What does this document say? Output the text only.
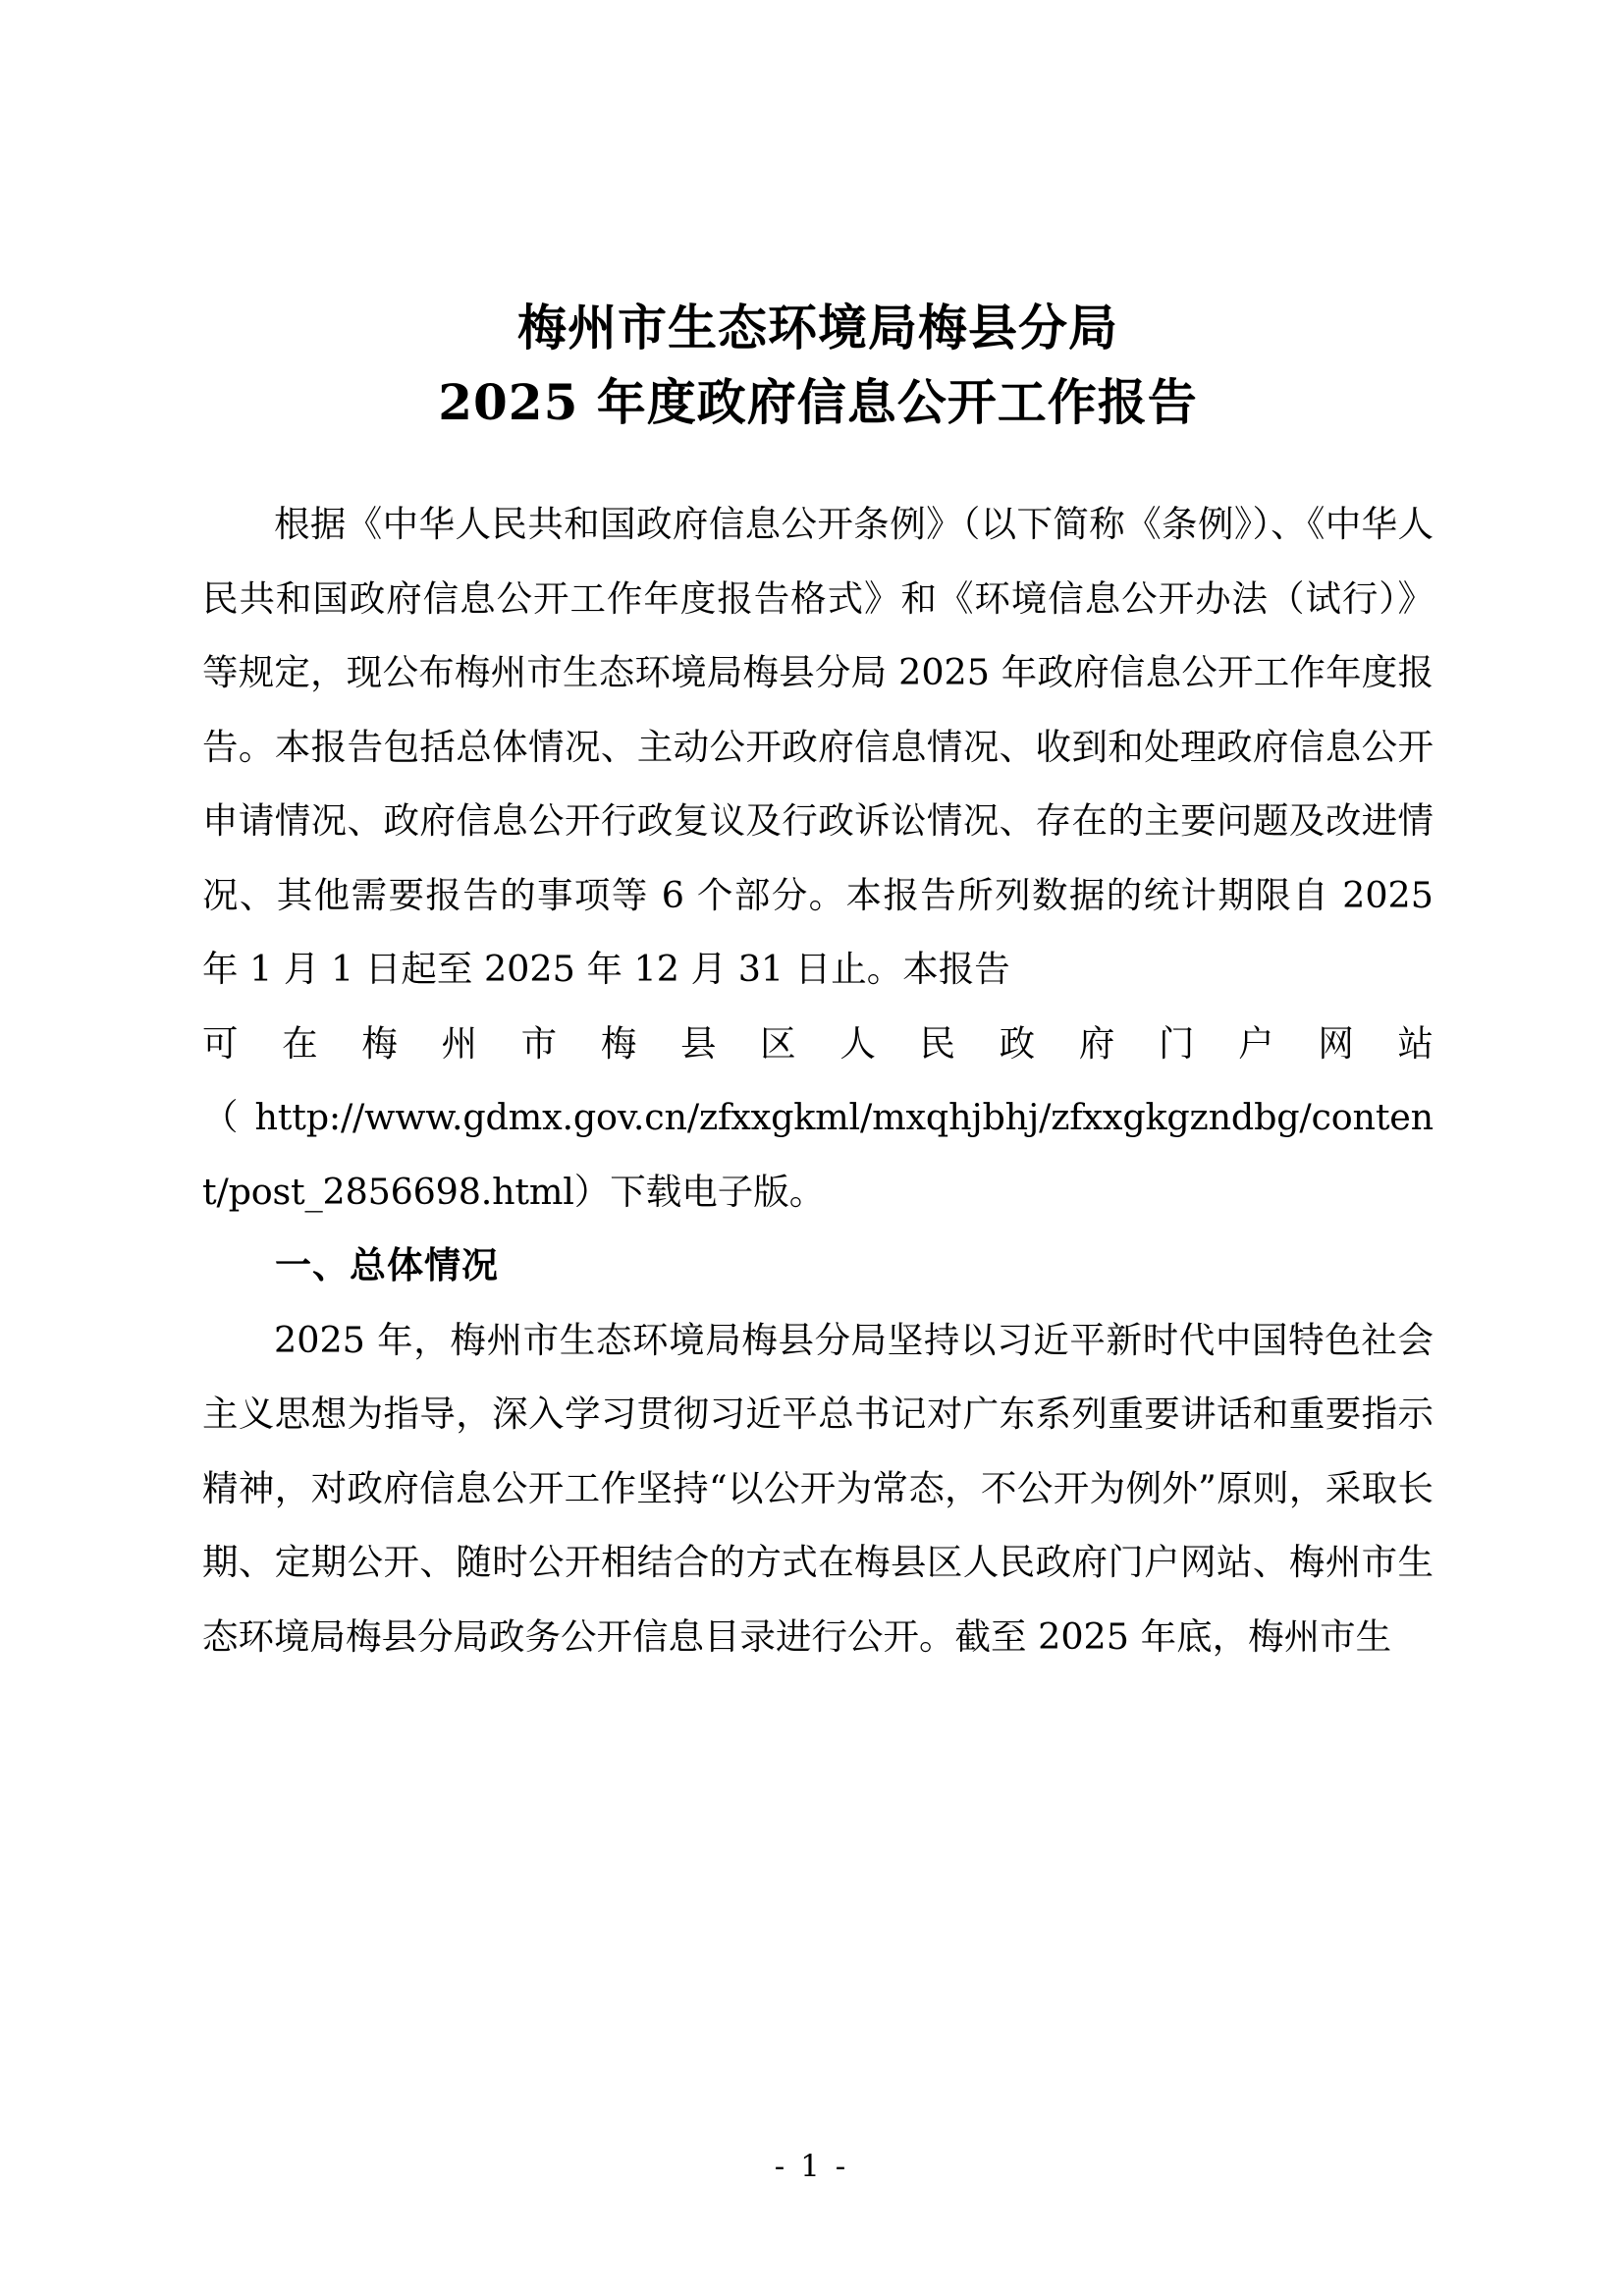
梅州市生态环境局梅县分局
2025 年度政府信息公开工作报告

根据《中华人民共和国政府信息公开条例》（以下简称《条例》）、《中华人民共和国政府信息公开工作年度报告格式》和《环境信息公开办法（试行）》等规定，现公布梅州市生态环境局梅县分局 2025 年政府信息公开工作年度报告。本报告包括总体情况、主动公开政府信息情况、收到和处理政府信息公开申请情况、政府信息公开行政复议及行政诉讼情况、存在的主要问题及改进情况、其他需要报告的事项等 6 个部分。本报告所列数据的统计期限自 2025 年 1 月 1 日起至 2025 年 12 月 31 日止。本报告

可 在 梅 州 市 梅 县 区 人 民 政 府 门 户 网 站

（http://www.gdmx.gov.cn/zfxxgkml/mxqhjbhj/zfxxgkgzndbg/content/post_2856698.html）下载电子版。

一、总体情况

2025 年，梅州市生态环境局梅县分局坚持以习近平新时代中国特色社会主义思想为指导，深入学习贯彻习近平总书记对广东系列重要讲话和重要指示精神，对政府信息公开工作坚持“以公开为常态，不公开为例外”原则，采取长期、定期公开、随时公开相结合的方式在梅县区人民政府门户网站、梅州市生态环境局梅县分局政务公开信息目录进行公开。截至 2025 年底，梅州市生

- 1 -
